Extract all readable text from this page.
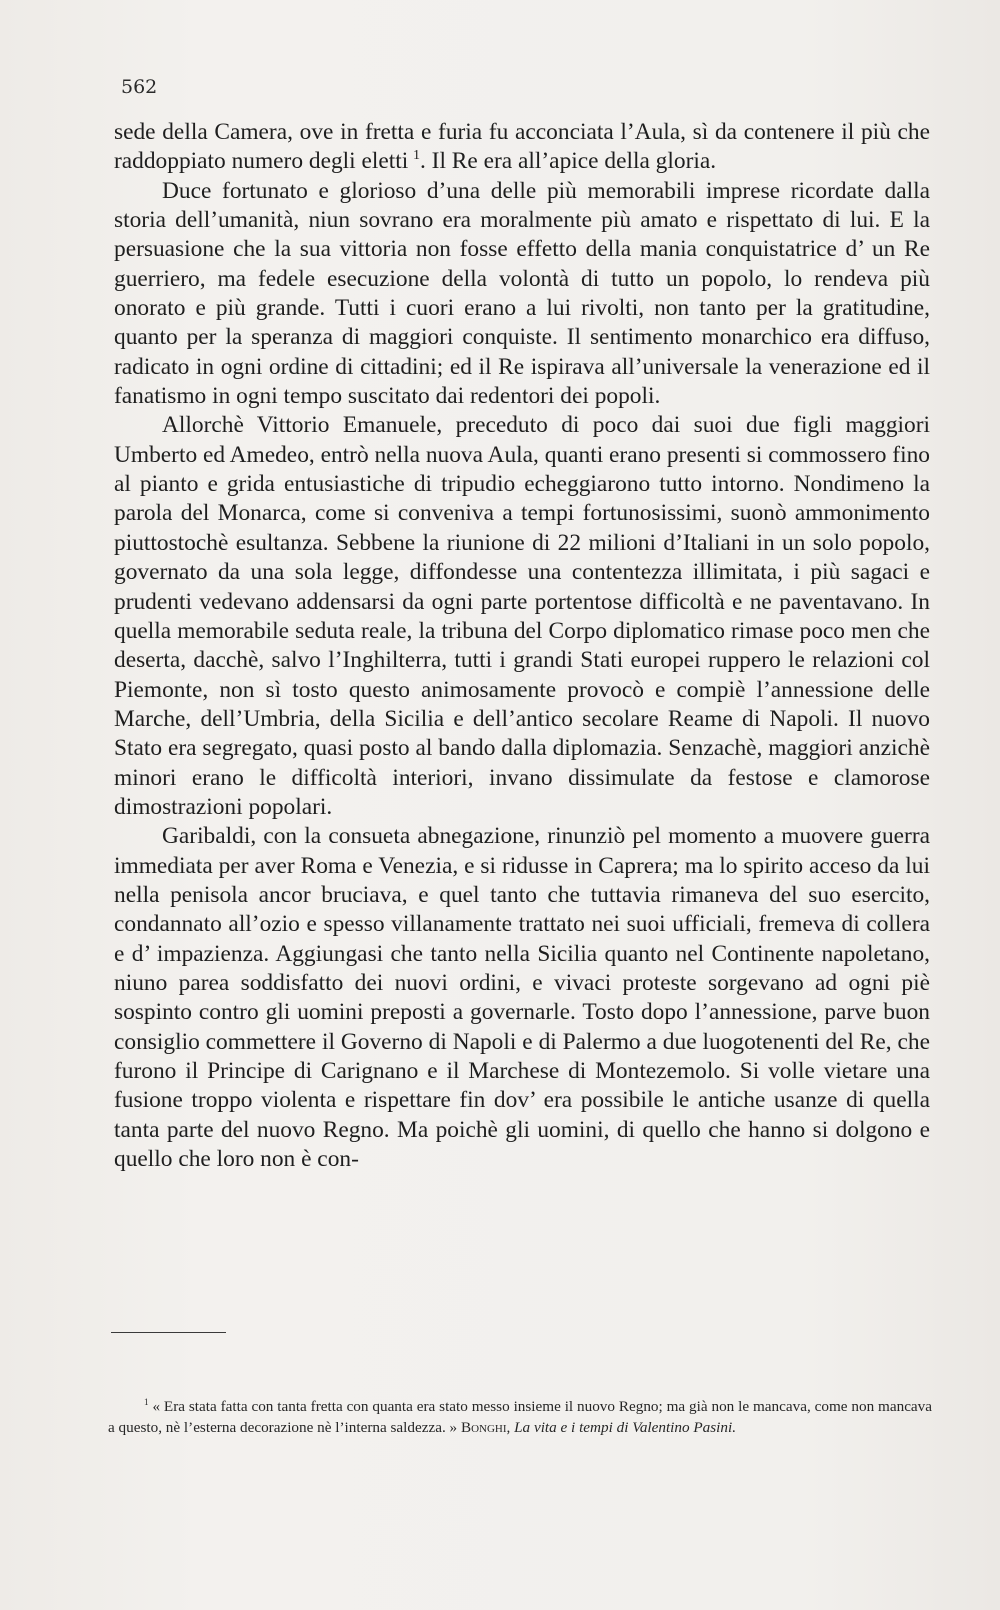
562

sede della Camera, ove in fretta e furia fu acconciata l’Aula, sì da contenere il più che raddoppiato numero degli eletti  $^1$. Il Re era all’apice della gloria.

Duce fortunato e glorioso d’una delle più memorabili imprese ricordate dalla storia dell’umanità, niun sovrano era moralmente più amato e rispettato di lui. E la persuasione che la sua vittoria non fosse effetto della mania conquistatrice d’ un Re guerriero, ma fedele esecuzione della volontà di tutto un popolo, lo rendeva più onorato e più grande. Tutti i cuori erano a lui rivolti, non tanto per la gratitudine, quanto per la speranza di maggiori conquiste. Il sentimento monarchico era diffuso, radicato in ogni ordine di cittadini; ed il Re ispirava all’universale la venerazione ed il fanatismo in ogni tempo suscitato dai redentori dei popoli.

Allorchè Vittorio Emanuele, preceduto di poco dai suoi due figli maggiori Umberto ed Amedeo, entrò nella nuova Aula, quanti erano presenti si commossero fino al pianto e grida entusiastiche di tripudio echeggiarono tutto intorno. Nondimeno la parola del Monarca, come si conveniva a tempi fortunosissimi, suonò ammonimento piuttostochè esultanza. Sebbene la riunione di 22 milioni d’Italiani in un solo popolo, governato da una sola legge, diffondesse una contentezza illimitata, i più sagaci e prudenti vedevano addensarsi da ogni parte portentose difficoltà e ne paventavano. In quella memorabile seduta reale, la tribuna del Corpo diplomatico rimase poco men che deserta, dacchè, salvo l’Inghilterra, tutti i grandi Stati europei ruppero le relazioni col Piemonte, non sì tosto questo animosamente provocò e compiè l’annessione delle Marche, dell’Umbria, della Sicilia e dell’antico secolare Reame di Napoli. Il nuovo Stato era segregato, quasi posto al bando dalla diplomazia. Senzachè, maggiori anzichè minori erano le difficoltà interiori, invano dissimulate da festose e clamorose dimostrazioni popolari.

Garibaldi, con la consueta abnegazione, rinunziò pel momento a muovere guerra immediata per aver Roma e Venezia, e si ridusse in Caprera; ma lo spirito acceso da lui nella penisola ancor bruciava, e quel tanto che tuttavia rimaneva del suo esercito, condannato all’ozio e spesso villanamente trattato nei suoi ufficiali, fremeva di collera e d’ impazienza. Aggiungasi che tanto nella Sicilia quanto nel Continente napoletano, niuno parea soddisfatto dei nuovi ordini, e vivaci proteste sorgevano ad ogni piè sospinto contro gli uomini preposti a governarle. Tosto dopo l’annessione, parve buon consiglio commettere il Governo di Napoli e di Palermo a due luogotenenti del Re, che furono il Principe di Carignano e il Marchese di Montezemolo. Si volle vietare una fusione troppo violenta e rispettare fin dov’ era possibile le antiche usanze di quella tanta parte del nuovo Regno. Ma poichè gli uomini, di quello che hanno si dolgono e quello che loro non è con-

$^1$ « Era stata fatta con tanta fretta con quanta era stato messo insieme il nuovo Regno; ma già non le mancava, come non mancava a questo, nè l’esterna decorazione nè l’interna saldezza. » Bonghi, La vita e i tempi di Valentino Pasini.
